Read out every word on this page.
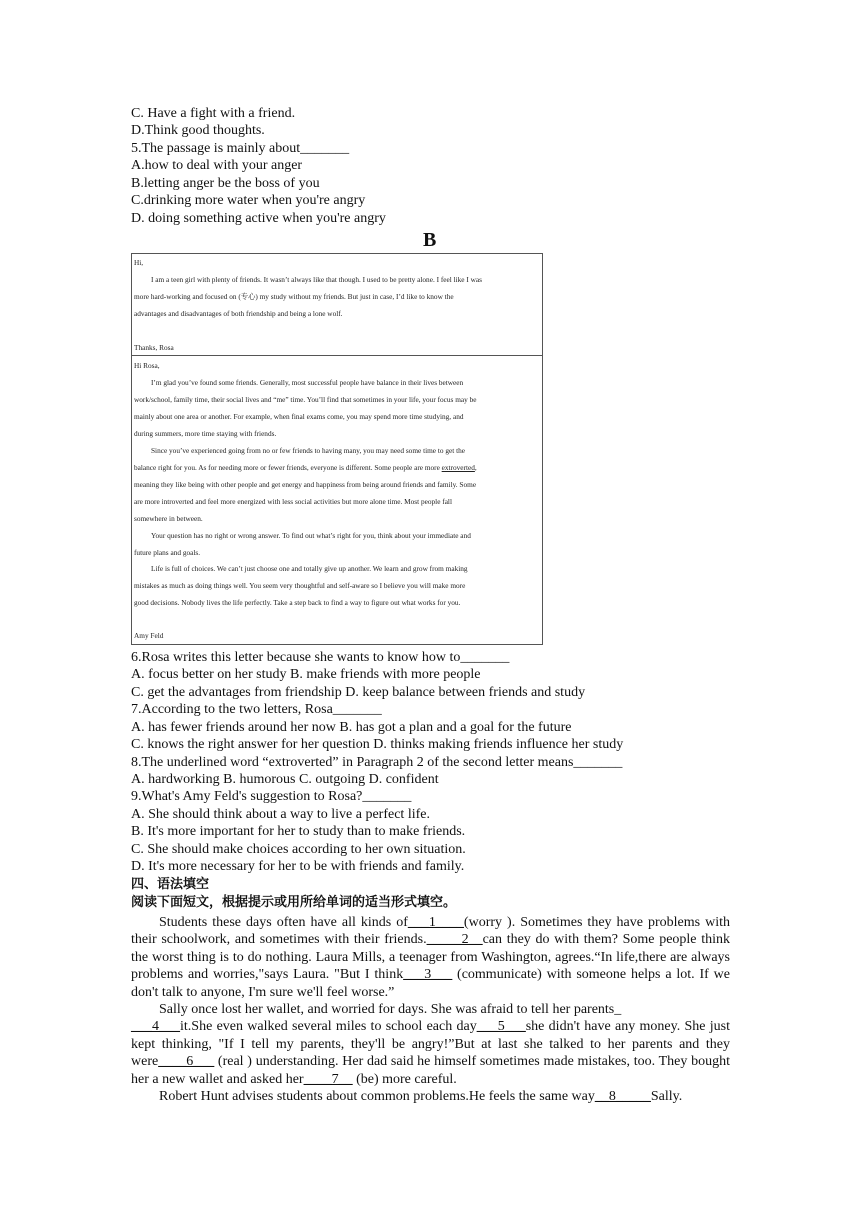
C. Have a fight with a friend.
D.Think good thoughts.
5.The passage is mainly about_______
A.how to deal with your anger
B.letting anger be the boss of you
C.drinking more water when you're angry
D. doing something active when you're angry
B
Hi,
I am a teen girl with plenty of friends. It wasn’t always like that though. I used to be pretty alone. I feel like I was
more hard-working and focused on (专心) my study without my friends. But just in case, I’d like to know the
advantages and disadvantages of both friendship and being a lone wolf.
Thanks, Rosa
Hi Rosa,
I’m glad you’ve found some friends. Generally, most successful people have balance in their lives between
work/school, family time, their social lives and “me” time. You’ll find that sometimes in your life, your focus may be
mainly about one area or another. For example, when final exams come, you may spend more time studying, and
during summers, more time staying with friends.
Since you’ve experienced going from no or few friends to having many, you may need some time to get the
balance right for you. As for needing more or fewer friends, everyone is different. Some people are more extroverted,
meaning they like being with other people and get energy and happiness from being around friends and family. Some
are more introverted and feel more energized with less social activities but more alone time. Most people fall
somewhere in between.
Your question has no right or wrong answer. To find out what’s right for you, think about your immediate and
future plans and goals.
Life is full of choices. We can’t just choose one and totally give up another. We learn and grow from making
mistakes as much as doing things well. You seem very thoughtful and self-aware so I believe you will make more
good decisions. Nobody lives the life perfectly. Take a step back to find a way to figure out what works for you.
Amy Feld
6.Rosa writes this letter because she wants to know how to_______
A. focus better on her study B. make friends with more people
C. get the advantages from friendship D. keep balance between friends and study
7.According to the two letters, Rosa_______
A. has fewer friends around her now B. has got a plan and a goal for the future
C. knows the right answer for her question D. thinks making friends influence her study
8.The underlined word “extroverted” in Paragraph 2 of the second letter means_______
A. hardworking B. humorous C. outgoing D. confident
9.What's Amy Feld's suggestion to Rosa?_______
A. She should think about a way to live a perfect life.
B. It's more important for her to study than to make friends.
C. She should make choices according to her own situation.
D. It's more necessary for her to be with friends and family.
四、语法填空
阅读下面短文，根据提示或用所给单词的适当形式填空。
Students these days often have all kinds of___1____(worry ). Sometimes they have problems with their schoolwork, and sometimes with their friends._____2__can they do with them? Some people think the worst thing is to do nothing. Laura Mills, a teenager from Washington, agrees.“In life,there are always problems and worries,"says Laura. "But I think___3___ (communicate) with someone helps a lot. If we don't talk to anyone, I'm sure we'll feel worse.”
Sally once lost her wallet, and worried for days. She was afraid to tell her parents_
___4___it.She even walked several miles to school each day___5___she didn't have any money. She just kept thinking, "If I tell my parents, they'll be angry!”But at last she talked to her parents and they were____6___ (real ) understanding. Her dad said he himself sometimes made mistakes, too. They bought her a new wallet and asked her____7__ (be) more careful.
Robert Hunt advises students about common problems.He feels the same way__8_____Sally.
